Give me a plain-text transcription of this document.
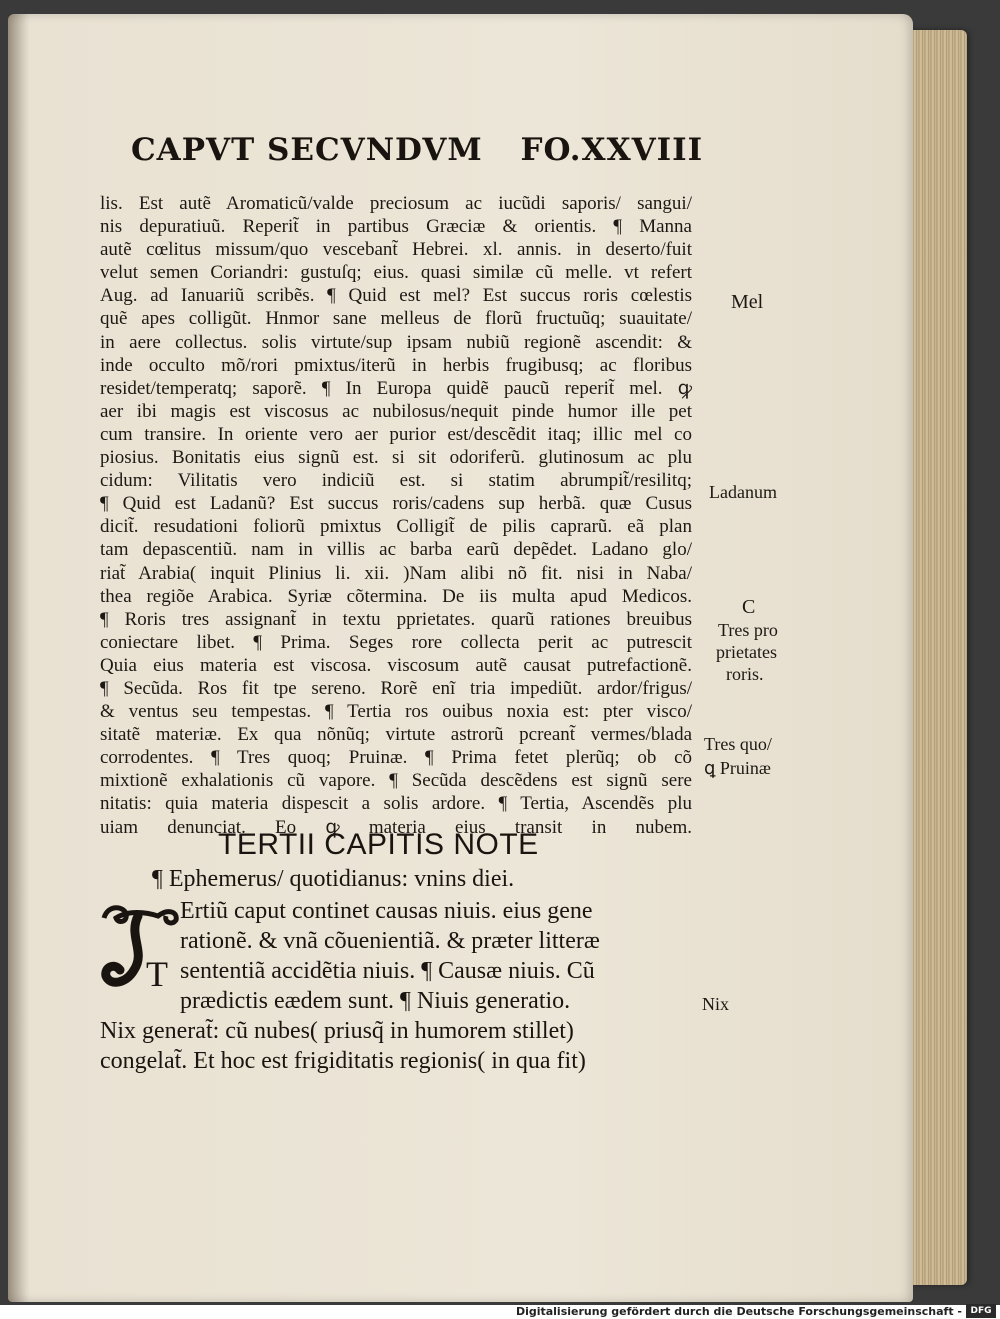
CAPVT SECVNDVM FO.XXVIII
lis. Est autẽ Aromaticũ/valde preciosum ac iucũdi saporis/ sangui/
nis depuratiuũ. Reperit̃ in partibus Græciæ & orientis. ¶ Manna
autẽ cœlitus missum/quo vescebant̃ Hebrei. xl. annis. in deserto/fuit
velut semen Coriandri: gustuſq; eius. quasi similæ cũ melle. vt refert
Aug. ad Ianuariũ scribẽs. ¶ Quid est mel? Est succus roris cœlestis
quẽ apes colligũt. Hnmor sane melleus de florũ fructuũq; suauitate/
in aere collectus. solis virtute/sup ipsam nubiũ regionẽ ascendit: &
inde occulto mõ/rori pmixtus/iterũ in herbis frugibusq; ac floribus
residet/temperatq; saporẽ. ¶ In Europa quidẽ paucũ reperit̃ mel. ꝙ
aer ibi magis est viscosus ac nubilosus/nequit pinde humor ille pet
cum transire. In oriente vero aer purior est/descẽdit itaq; illic mel co
piosius. Bonitatis eius signũ est. si sit odoriferũ. glutinosum ac plu
cidum: Vilitatis vero indiciũ est. si statim abrumpit̃/resilitq;
¶ Quid est Ladanũ? Est succus roris/cadens sup herbã. quæ Cusus
dicit̃. resudationi foliorũ pmixtus Colligit̃ de pilis caprarũ. eã plan
tam depascentiũ. nam in villis ac barba earũ depẽdet. Ladano glo/
riat̃ Arabia( inquit Plinius li. xii. )Nam alibi nõ fit. nisi in Naba/
thea regiõe Arabica. Syriæ cõtermina. De iis multa apud Medicos.
¶ Roris tres assignant̃ in textu pprietates. quarũ rationes breuibus
coniectare libet. ¶ Prima. Seges rore collecta perit ac putrescit
Quia eius materia est viscosa. viscosum autẽ causat putrefactionẽ.
¶ Secũda. Ros fit tpe sereno. Rorẽ enĩ tria impediũt. ardor/frigus/
& ventus seu tempestas. ¶ Tertia ros ouibus noxia est: pter visco/
sitatẽ materiæ. Ex qua nõnũq; virtute astrorũ pcreant̃ vermes/blada
corrodentes. ¶ Tres quoq; Pruinæ. ¶ Prima fetet plerũq; ob cõ
mixtionẽ exhalationis cũ vapore. ¶ Secũda descẽdens est signũ sere
nitatis: quia materia dispescit a solis ardore. ¶ Tertia, Ascendẽs plu
uiam denunciat. Eo ꝙ materia eius transit in nubem.
TERTII CAPITIS NOTE
¶ Ephemerus/ quotidianus: vnins diei.
T
Ertiũ caput continet causas niuis. eius gene
rationẽ. & vnã cõuenientiã. & præter litteræ
sententiã accidẽtia niuis. ¶ Causæ niuis. Cũ
prædictis eædem sunt. ¶ Niuis generatio.
Nix generat̃: cũ nubes( priusq̃ in humorem stillet)
congelat̃. Et hoc est frigiditatis regionis( in qua fit)
Mel
Ladanum
C
Tres pro
prietates
roris.
Tres quo/
ꝗ Pruinæ
Nix
Digitalisierung gefördert durch die Deutsche Forschungsgemeinschaft - DFG
